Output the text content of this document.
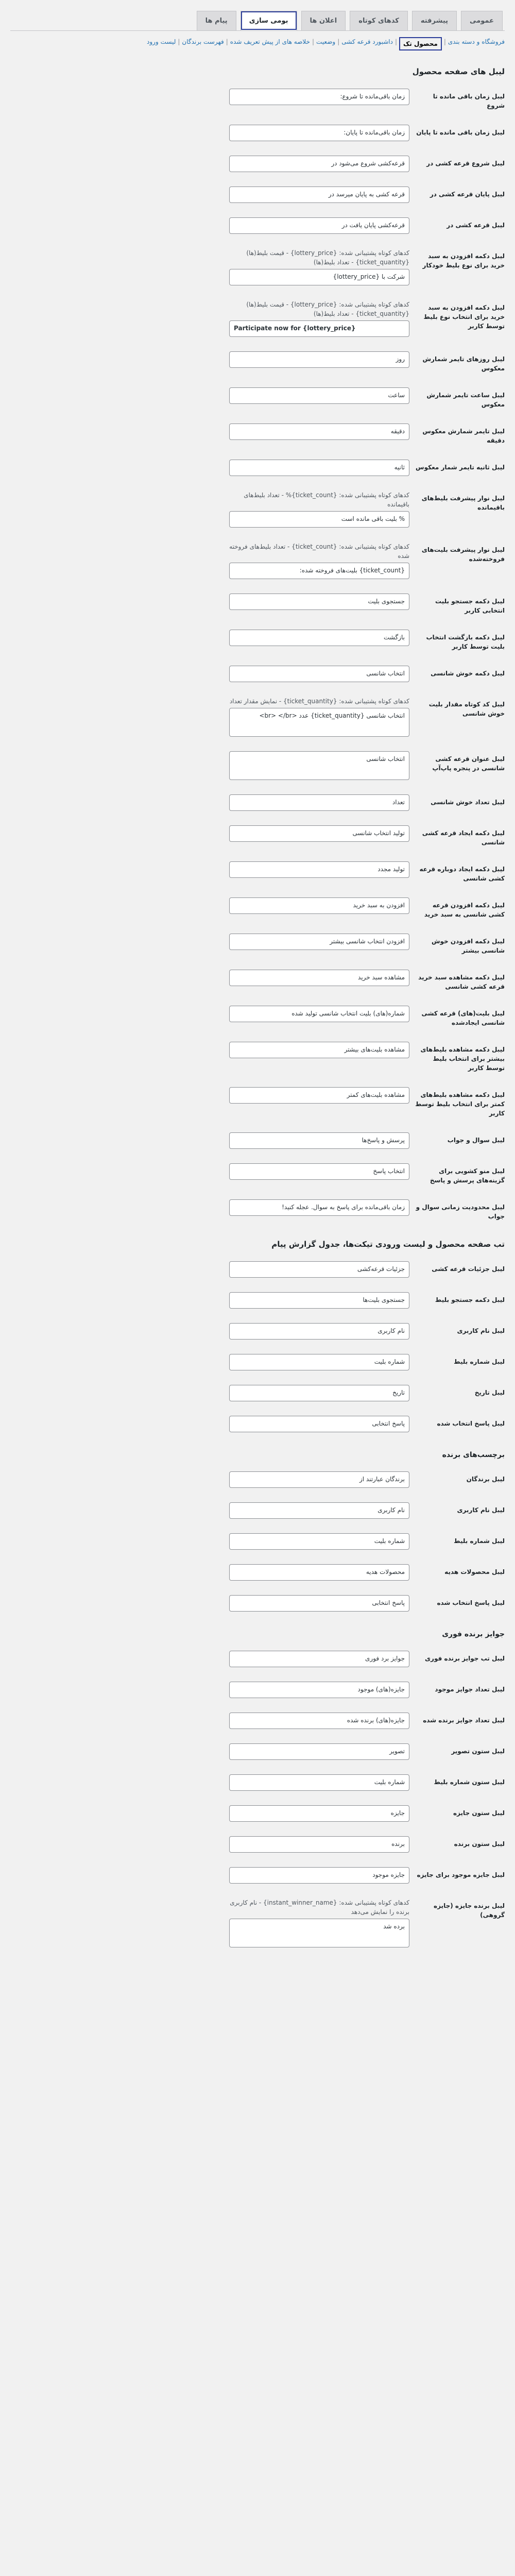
عمومی
پیشرفته
کدهای کوتاه
اعلان ها
بومی سازی
پیام ها
فروشگاه و دسته بندی
|
محصول تک
|
داشبورد قرعه کشی
|
وضعیت
|
خلاصه های از پیش تعریف شده
|
فهرست برندگان
|
لیست ورود
لیبل های صفحه محصول
لیبل زمان باقی مانده تا شروع
زمان باقی‌مانده تا شروع:
لیبل زمان باقی مانده تا پایان
زمان باقی‌مانده تا پایان:
لیبل شروع قرعه کشی در
قرعه‌کشی شروع می‌شود در
لیبل پایان قرعه کشی در
قرعه کشی به پایان میرسد در
لیبل قرعه کشی در
قرعه‌کشی پایان یافت در
لیبل دکمه افزودن به سبد خرید برای نوع بلیط خودکار
کدهای کوتاه پشتیبانی شده: {lottery_price} - قیمت بلیط(ها) {ticket_quantity} - تعداد بلیط(ها)
شرکت با {lottery_price}
لیبل دکمه افزودن به سبد خرید برای انتخاب نوع بلیط توسط کاربر
کدهای کوتاه پشتیبانی شده: {lottery_price} - قیمت بلیط(ها) {ticket_quantity} - تعداد بلیط(ها)
Participate now for {lottery_price}
لیبل روزهای تایمر شمارش معکوس
روز
لیبل ساعت تایمر شمارش معکوس
ساعت
لیبل تایمر شمارش معکوس دقیقه
دقیقه
لیبل ثانیه تایمر شمار معکوس
ثانیه
لیبل نوار پیشرفت بلیط‌های باقیمانده
کدهای کوتاه پشتیبانی شده: {ticket_count}% - تعداد بلیط‌های باقیمانده
% بلیت باقی مانده است
لیبل نوار پیشرفت بلیت‌های فروخته‌شده
کدهای کوتاه پشتیبانی شده: {ticket_count} - تعداد بلیط‌های فروخته شده
{ticket_count} بلیت‌های فروخته شده:
لیبل دکمه جستجو بلیت انتخابی کاربر
جستجوی بلیت
لیبل دکمه بازگشت انتخاب بلیت توسط کاربر
بازگشت
لیبل دکمه خوش شانسی
انتخاب شانسی
لیبل کد کوتاه مقدار بلیت خوش شانسی
کدهای کوتاه پشتیبانی شده: {ticket_quantity} - نمایش مقدار تعداد
انتخاب شانسی {ticket_quantity} عدد <br> </br>
لیبل عنوان قرعه کشی شانسی در پنجره پاپ‌آپ
انتخاب شانسی
لیبل تعداد خوش شانسی
تعداد
لیبل دکمه ایجاد قرعه کشی شانسی
تولید انتخاب شانسی
لیبل دکمه ایجاد دوباره قرعه کشی شانسی
تولید مجدد
لیبل دکمه افزودن قرعه کشی شانسی به سبد خرید
افزودن به سبد خرید
لیبل دکمه افزودن خوش شانسی بیشتر
افزودن انتخاب شانسی بیشتر
لیبل دکمه مشاهده سبد خرید قرعه کشی شانسی
مشاهده سبد خرید
لیبل بلیت(های) قرعه کشی شانسی ایجادشده
شماره(های) بلیت انتخاب شانسی تولید شده
لیبل دکمه مشاهده بلیط‌های بیشتر برای انتخاب بلیط توسط کاربر
مشاهده بلیت‌های بیشتر
لیبل دکمه مشاهده بلیط‌های کمتر برای انتخاب بلیط توسط کاربر
مشاهده بلیت‌های کمتر
لیبل سوال و جواب
پرسش و پاسخ‌ها
لیبل منو کشویی برای گزینه‌های پرسش و پاسخ
انتخاب پاسخ
لیبل محدودیت زمانی سوال و جواب
زمان باقی‌مانده برای پاسخ به سوال. عجله کنید!
تب صفحه محصول و لیست ورودی تیکت‌ها، جدول گزارش پیام
لیبل جزئیات قرعه کشی
جزئیات قرعه‌کشی
لیبل دکمه جستجو بلیط
جستجوی بلیت‌ها
لیبل نام کاربری
نام کاربری
لیبل شماره بلیط
شماره بلیت
لیبل تاریخ
تاریخ
لیبل پاسخ انتخاب شده
پاسخ انتخابی
برچسب‌های برنده
لیبل برندگان
برندگان عبارتند از
لیبل نام کاربری
نام کاربری
لیبل شماره بلیط
شماره بلیت
لیبل محصولات هدیه
محصولات هدیه
لیبل پاسخ انتخاب شده
پاسخ انتخابی
جوایز برنده فوری
لیبل تب جوایز برنده فوری
جوایز برد فوری
لیبل تعداد جوایز موجود
جایزه(های) موجود
لیبل تعداد جوایز برنده شده
جایزه(های) برنده شده
لیبل ستون تصویر
تصویر
لیبل ستون شماره بلیط
شماره بلیت
لیبل ستون جایزه
جایزه
لیبل ستون برنده
برنده
لیبل جایزه موجود برای جایزه
جایزه موجود
لیبل برنده جایزه (جایزه گروهی)
کدهای کوتاه پشتیبانی شده: {instant_winner_name} - نام کاربری برنده را نمایش می‌دهد
برده شد
